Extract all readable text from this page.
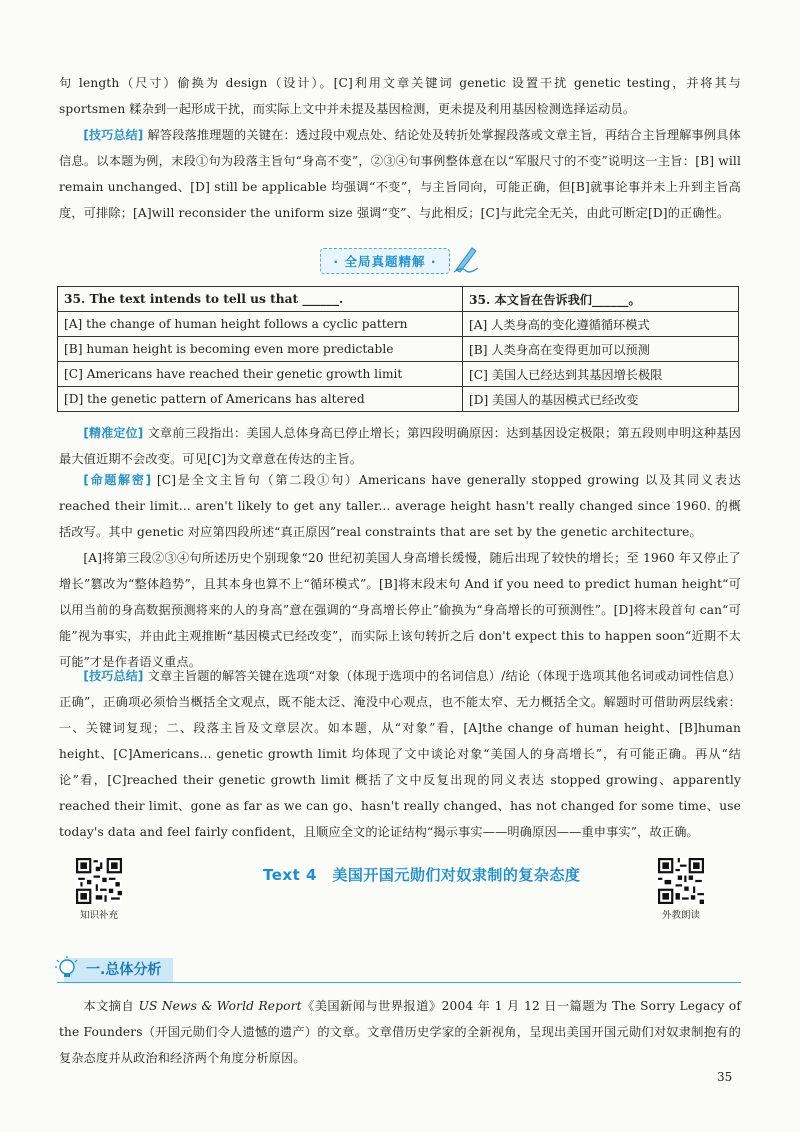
句 length（尺寸）偷换为 design（设计）。[C]利用文章关键词 genetic 设置干扰 genetic testing，并将其与 sportsmen 糅杂到一起形成干扰，而实际上文中并未提及基因检测，更未提及利用基因检测选择运动员。

[技巧总结] 解答段落推理题的关键在：透过段中观点处、结论处及转折处掌握段落或文章主旨，再结合主旨理解事例具体信息。以本题为例，末段①句为段落主旨句“身高不变”，②③④句事例整体意在以“军服尺寸的不变”说明这一主旨：[B] will remain unchanged、[D] still be applicable 均强调“不变”，与主旨同向，可能正确，但[B]就事论事并未上升到主旨高度，可排除；[A]will reconsider the uniform size 强调“变”、与此相反；[C]与此完全无关，由此可断定[D]的正确性。

· 全局真题精解 ·
35. The text intends to tell us that ______.	35. 本文旨在告诉我们______。
[A] the change of human height follows a cyclic pattern	[A] 人类身高的变化遵循循环模式
[B] human height is becoming even more predictable	[B] 人类身高在变得更加可以预测
[C] Americans have reached their genetic growth limit	[C] 美国人已经达到其基因增长极限
[D] the genetic pattern of Americans has altered	[D] 美国人的基因模式已经改变

[精准定位] 文章前三段指出：美国人总体身高已停止增长；第四段明确原因：达到基因设定极限；第五段则申明这种基因最大值近期不会改变。可见[C]为文章意在传达的主旨。

[命题解密] [C]是全文主旨句（第二段①句）Americans have generally stopped growing 以及其同义表达 reached their limit... aren't likely to get any taller... average height hasn't really changed since 1960. 的概括改写。其中 genetic 对应第四段所述“真正原因”real constraints that are set by the genetic architecture。

[A]将第三段②③④句所述历史个别现象“20 世纪初美国人身高增长缓慢，随后出现了较快的增长；至 1960 年又停止了增长”篡改为“整体趋势”，且其本身也算不上“循环模式”。[B]将末段末句 And if you need to predict human height“可以用当前的身高数据预测将来的人的身高”意在强调的“身高增长停止”偷换为“身高增长的可预测性”。[D]将末段首句 can“可能”视为事实，并由此主观推断“基因模式已经改变”，而实际上该句转折之后 don't expect this to happen soon“近期不太可能”才是作者语义重点。

[技巧总结] 文章主旨题的解答关键在选项“对象（体现于选项中的名词信息）/结论（体现于选项其他名词或动词性信息）正确”，正确项必须恰当概括全文观点，既不能太泛、淹没中心观点，也不能太窄、无力概括全文。解题时可借助两层线索：一、关键词复现；二、段落主旨及文章层次。如本题，从“对象”看，[A]the change of human height、[B]human height、[C]Americans... genetic growth limit 均体现了文中谈论对象“美国人的身高增长”，有可能正确。再从“结论”看，[C]reached their genetic growth limit 概括了文中反复出现的同义表达 stopped growing、apparently reached their limit、gone as far as we can go、hasn't really changed、has not changed for some time、use today's data and feel fairly confident，且顺应全文的论证结构“揭示事实——明确原因——重申事实”，故正确。

知识补充
Text 4　美国开国元勋们对奴隶制的复杂态度
外教朗读
一.总体分析

本文摘自 US News & World Report《美国新闻与世界报道》2004 年 1 月 12 日一篇题为 The Sorry Legacy of the Founders（开国元勋们令人遗憾的遗产）的文章。文章借历史学家的全新视角，呈现出美国开国元勋们对奴隶制抱有的复杂态度并从政治和经济两个角度分析原因。

35
